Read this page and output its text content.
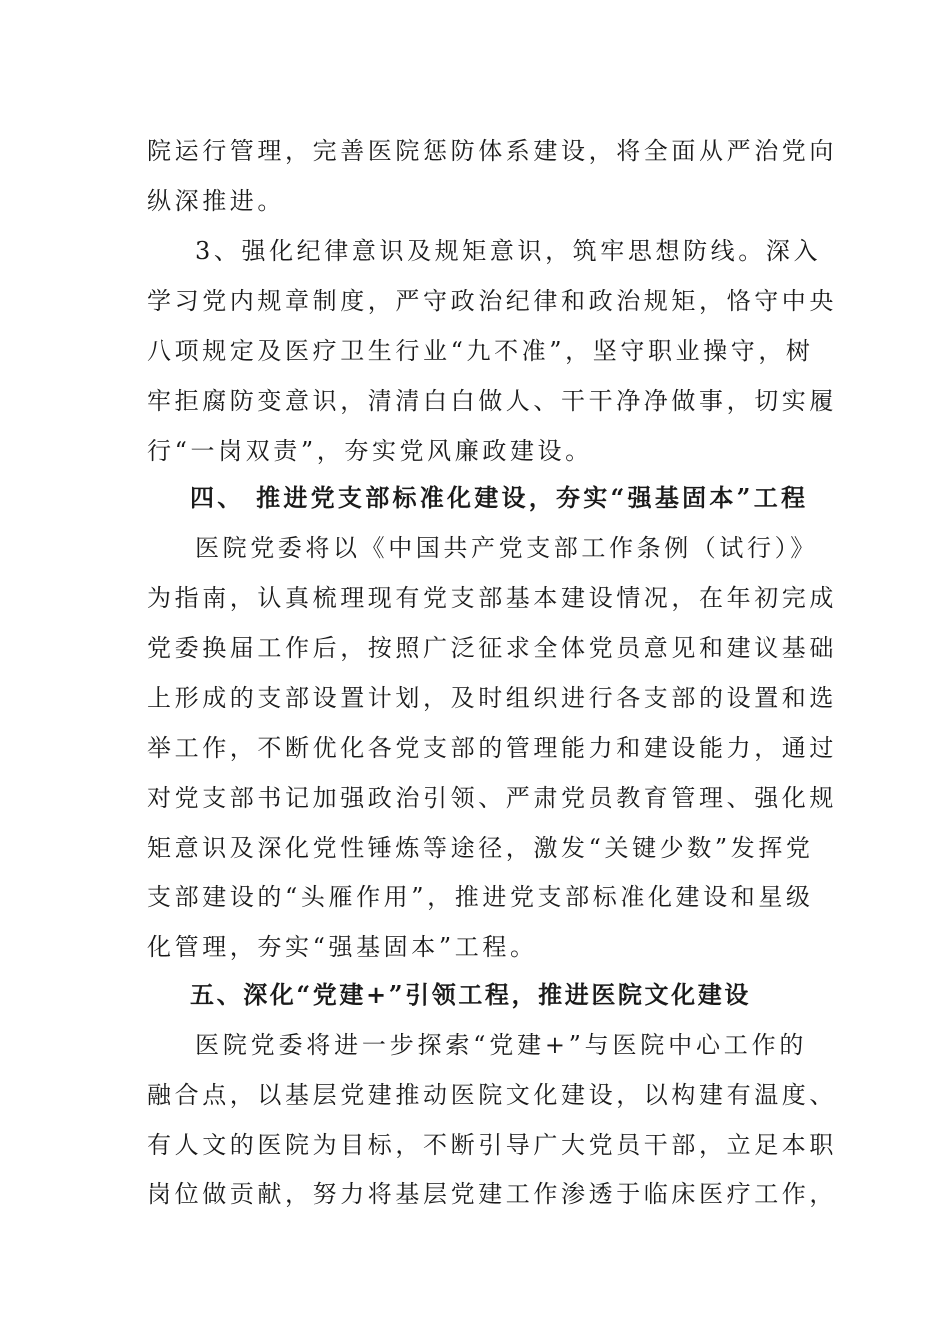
院运行管理，完善医院惩防体系建设，将全面从严治党向
纵深推进。
3、强化纪律意识及规矩意识，筑牢思想防线。深入
学习党内规章制度，严守政治纪律和政治规矩，恪守中央
八项规定及医疗卫生行业“九不准”，坚守职业操守，树
牢拒腐防变意识，清清白白做人、干干净净做事，切实履
行“一岗双责”，夯实党风廉政建设。
四、 推进党支部标准化建设，夯实“强基固本”工程
医院党委将以《中国共产党支部工作条例（试行）》
为指南，认真梳理现有党支部基本建设情况，在年初完成
党委换届工作后，按照广泛征求全体党员意见和建议基础
上形成的支部设置计划，及时组织进行各支部的设置和选
举工作，不断优化各党支部的管理能力和建设能力，通过
对党支部书记加强政治引领、严肃党员教育管理、强化规
矩意识及深化党性锤炼等途径，激发“关键少数”发挥党
支部建设的“头雁作用”，推进党支部标准化建设和星级
化管理，夯实“强基固本”工程。
五、深化“党建+”引领工程，推进医院文化建设
医院党委将进一步探索“党建+”与医院中心工作的
融合点，以基层党建推动医院文化建设，以构建有温度、
有人文的医院为目标，不断引导广大党员干部，立足本职
岗位做贡献，努力将基层党建工作渗透于临床医疗工作，
